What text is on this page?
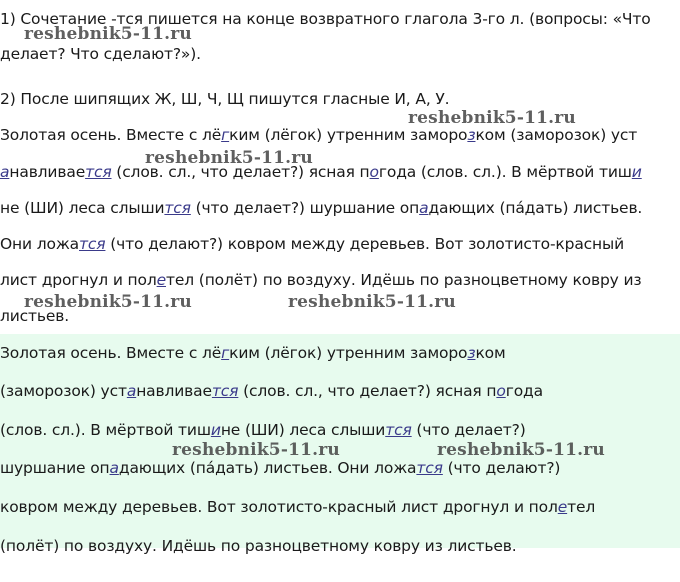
1) Сочетание -тся пишется на конце возвратного глагола 3-го л. (вопросы: «Что
делает? Что сделают?»).
2) После шипящих Ж, Ш, Ч, Щ пишутся гласные И, А, У.
Золотая осень. Вместе с лёгким (лёгок) утренним заморозком (заморозок) уст
анавливается (слов. сл., что делает?) ясная погода (слов. сл.). В мёртвой тиши
не (ШИ) леса слышится (что делает?) шуршание опадающих (пáдать) листьев.
Они ложатся (что делают?) ковром между деревьев. Вот золотисто-красный
лист дрогнул и полетел (полёт) по воздуху. Идёшь по разноцветному ковру из
листьев.
Золотая осень. Вместе с лёгким (лёгок) утренним заморозком
(заморозок) устанавливается (слов. сл., что делает?) ясная погода
(слов. сл.). В мёртвой тишине (ШИ) леса слышится (что делает?)
шуршание опадающих (пáдать) листьев. Они ложатся (что делают?)
ковром между деревьев. Вот золотисто-красный лист дрогнул и полетел
(полёт) по воздуху. Идёшь по разноцветному ковру из листьев.
reshebnik5-11.ru
reshebnik5-11.ru
reshebnik5-11.ru
reshebnik5-11.ru	reshebnik5-11.ru
reshebnik5-11.ru	reshebnik5-11.ru
